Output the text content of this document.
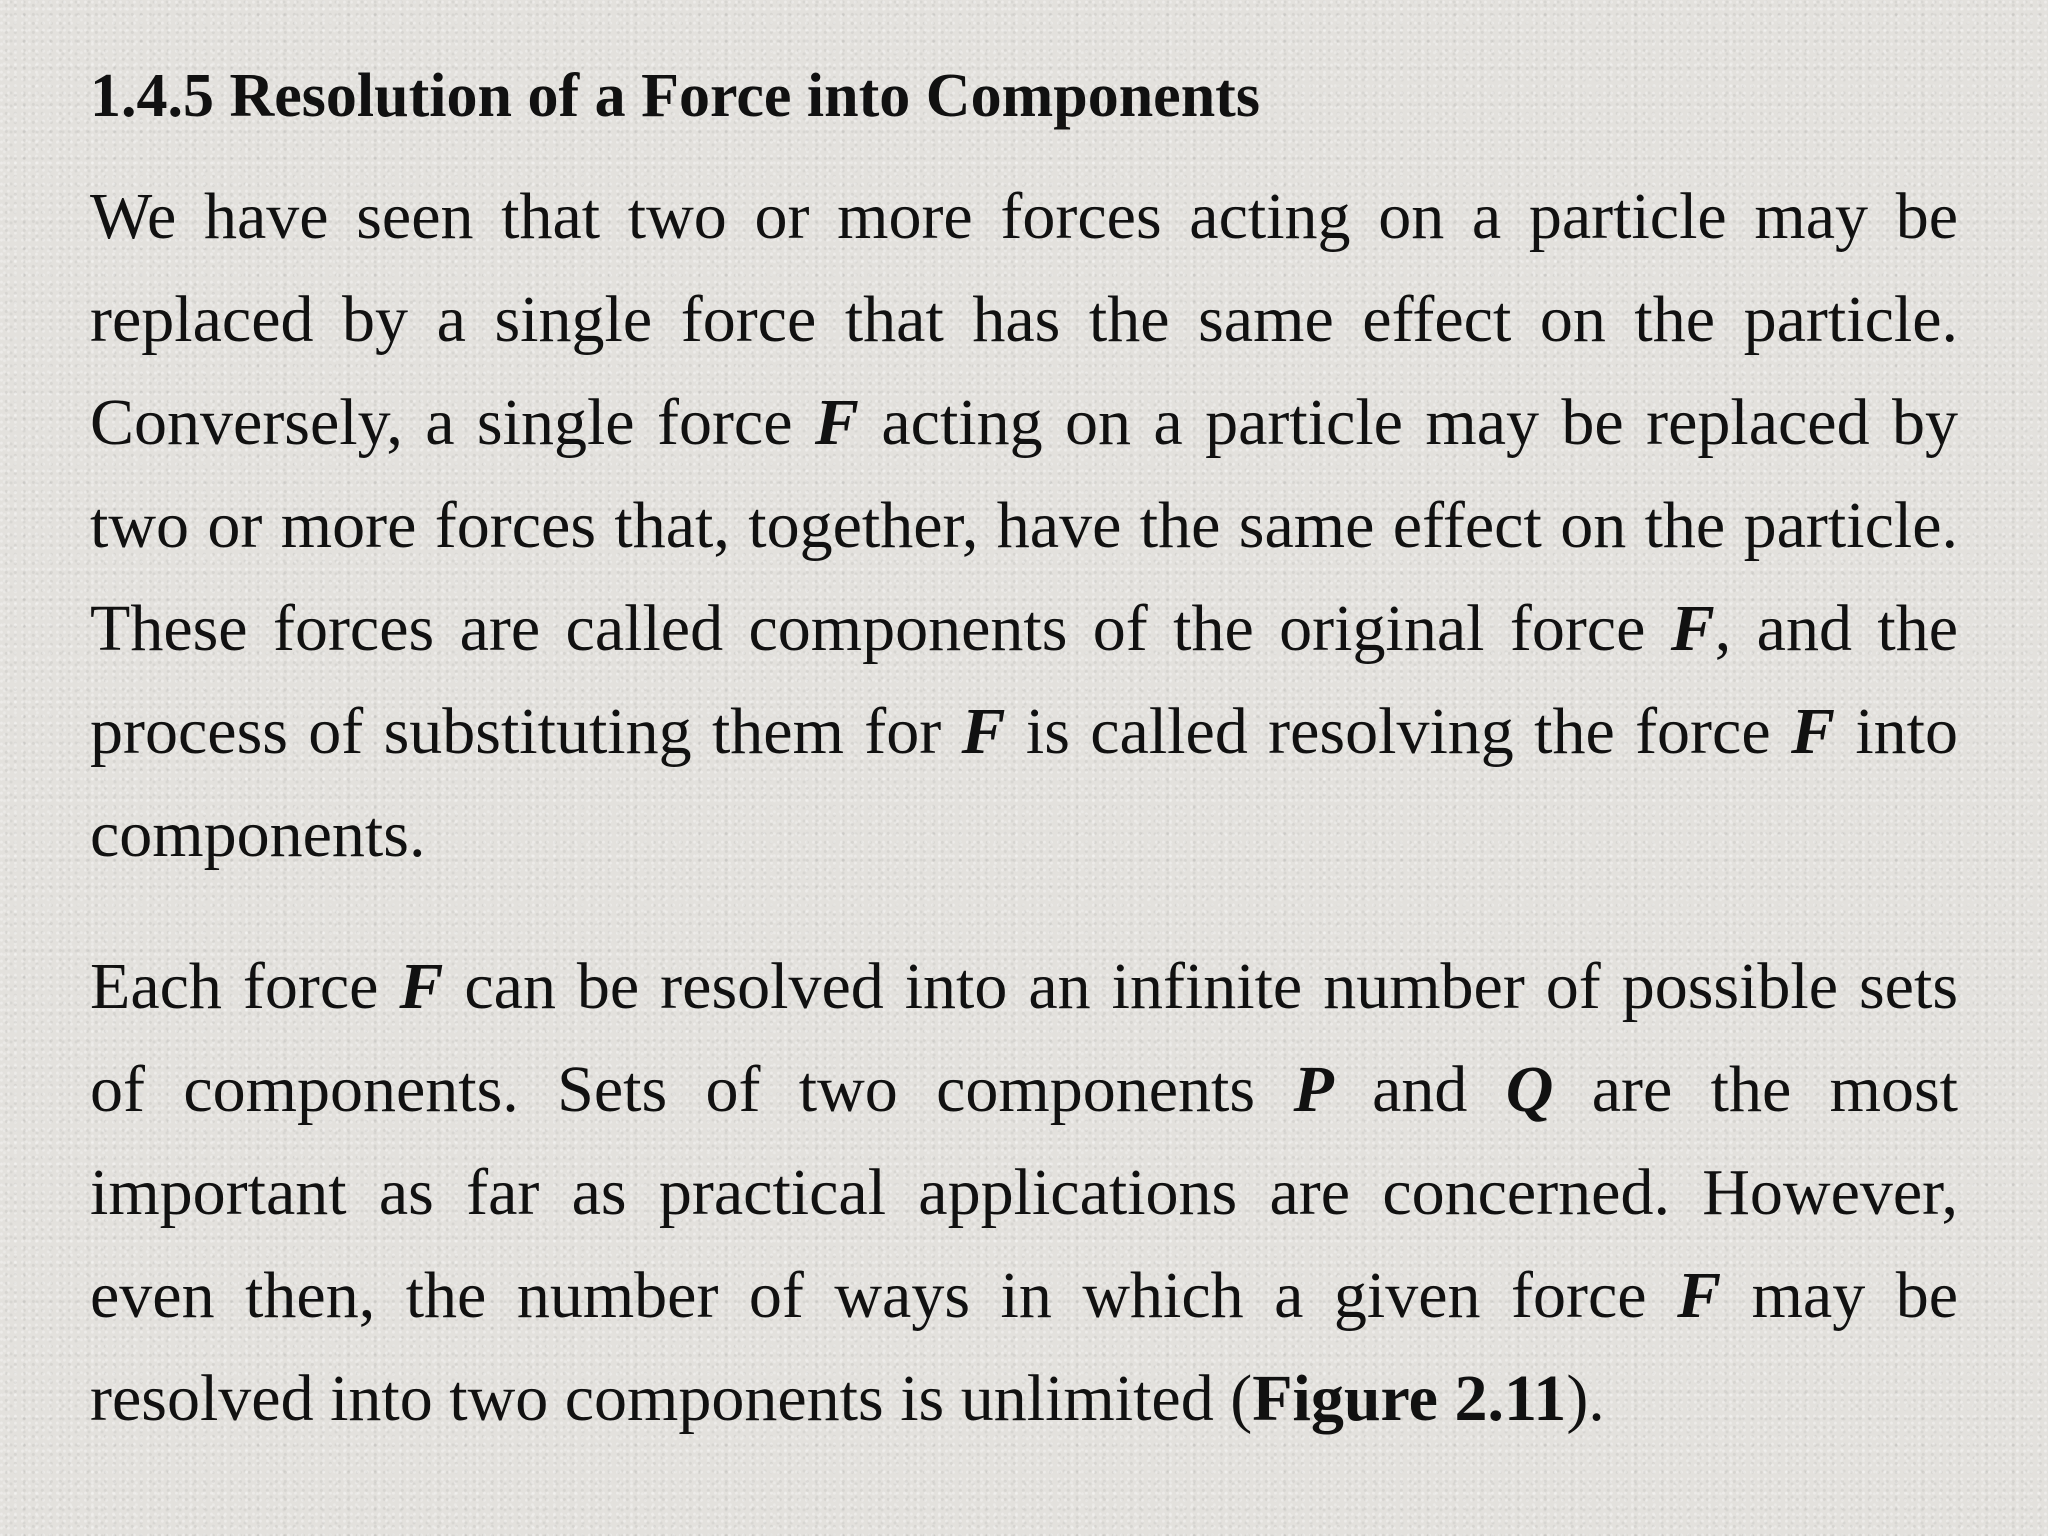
1.4.5 Resolution of a Force into Components

We have seen that two or more forces acting on a particle may be replaced by a single force that has the same effect on the particle. Conversely, a single force F acting on a particle may be replaced by two or more forces that, together, have the same effect on the particle. These forces are called components of the original force F, and the process of substituting them for F is called resolving the force F into components.

Each force F can be resolved into an infinite number of possible sets of components. Sets of two components P and Q are the most important as far as practical applications are concerned. However, even then, the number of ways in which a given force F may be resolved into two components is unlimited (Figure 2.11).
